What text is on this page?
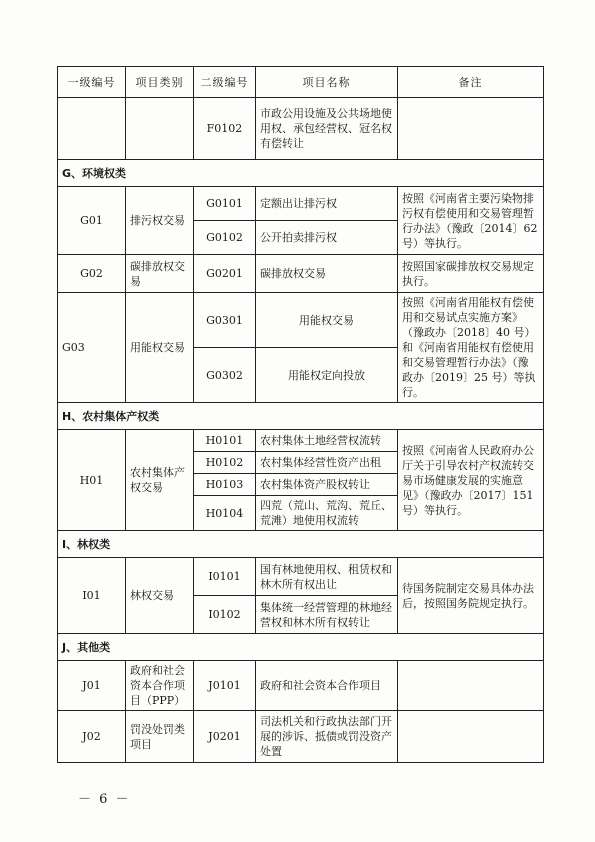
一级编号	项目类别	二级编号	项目名称	备注
		F0102	市政公用设施及公共场地使用权、承包经营权、冠名权有偿转让	
G、环境权类				
G01	排污权交易	G0101	定额出让排污权	按照《河南省主要污染物排污权有偿使用和交易管理暂行办法》（豫政〔2014〕62 号）等执行。
		G0102	公开拍卖排污权	
G02	碳排放权交易	G0201	碳排放权交易	按照国家碳排放权交易规定执行。
G03	用能权交易	G0301	用能权交易	按照《河南省用能权有偿使用和交易试点实施方案》（豫政办〔2018〕40 号）和《河南省用能权有偿使用和交易管理暂行办法》（豫政办〔2019〕25 号）等执行。
		G0302	用能权定向投放	
H、农村集体产权类				
H01	农村集体产权交易	H0101	农村集体土地经营权流转	按照《河南省人民政府办公厅关于引导农村产权流转交易市场健康发展的实施意见》（豫政办〔2017〕151 号）等执行。
		H0102	农村集体经营性资产出租	
		H0103	农村集体资产股权转让	
		H0104	四荒（荒山、荒沟、荒丘、荒滩）地使用权流转	
I、林权类				
I01	林权交易	I0101	国有林地使用权、租赁权和林木所有权出让	待国务院制定交易具体办法后，按照国务院规定执行。
		I0102	集体统一经营管理的林地经营权和林木所有权转让	
J、其他类				
J01	政府和社会资本合作项目（PPP）	J0101	政府和社会资本合作项目	
J02	罚没处罚类项目	J0201	司法机关和行政执法部门开展的涉诉、抵债或罚没资产处置	
－ 6 －
